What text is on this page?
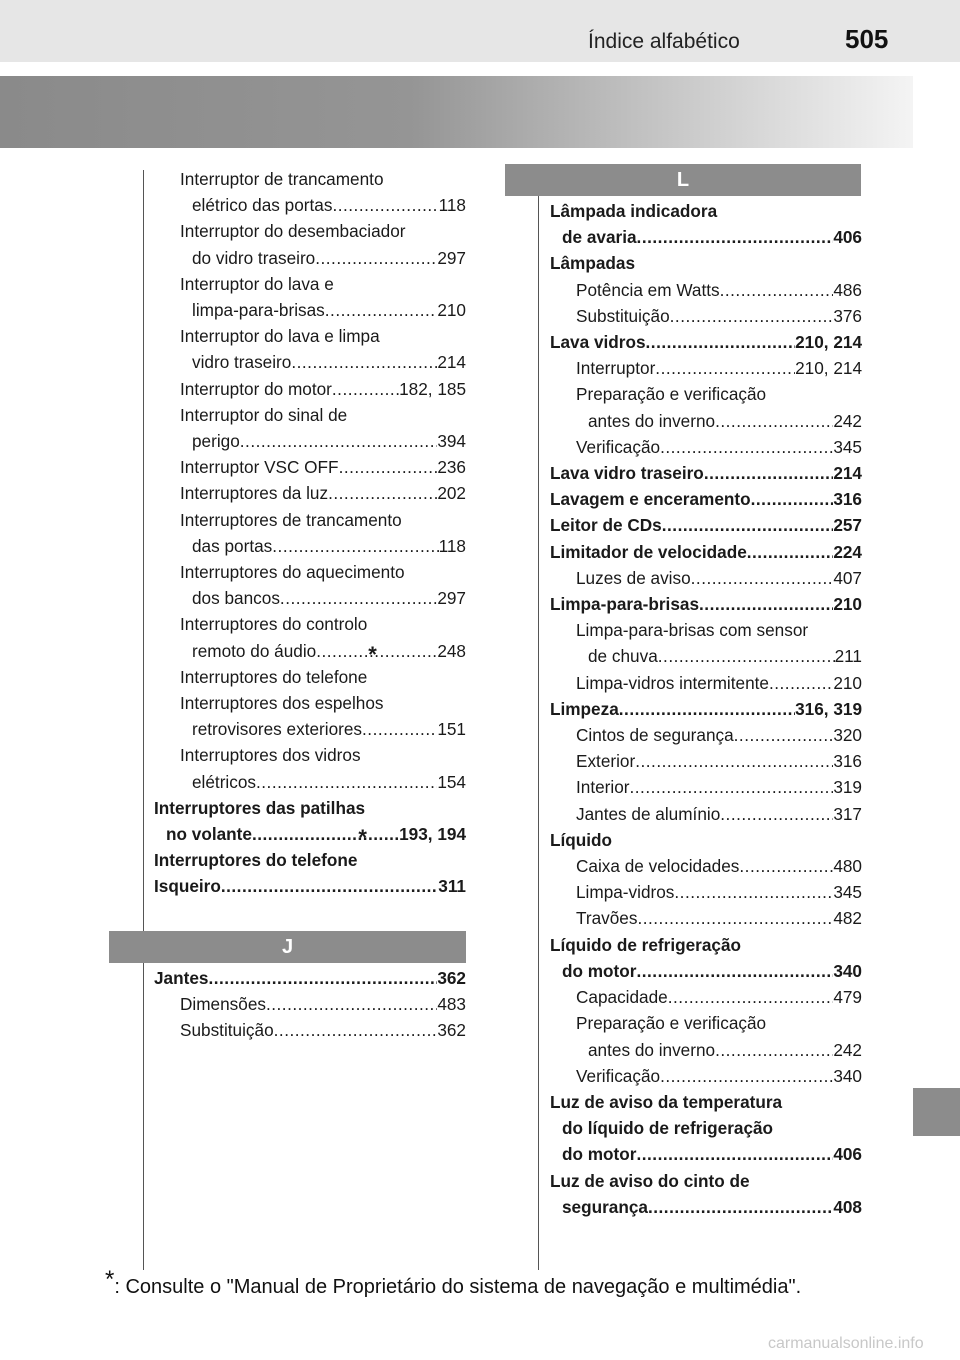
Índice alfabético	505
L
J
Interruptor de trancamento
elétrico das portas .....	118
Interruptor do desembaciador
do vidro traseiro .....	297
Interruptor do lava e
limpa-para-brisas .....	210
Interruptor do lava e limpa
vidro traseiro .....	214
Interruptor do motor .....	182, 185
Interruptor do sinal de
perigo .....	394
Interruptor VSC OFF .....	236
Interruptores da luz .....	202
Interruptores de trancamento
das portas .....	118
Interruptores do aquecimento
dos bancos .....	297
Interruptores do controlo
remoto do áudio .....	248
Interruptores do telefone
*
Interruptores dos espelhos
retrovisores exteriores .....	151
Interruptores dos vidros
elétricos .....	154
Interruptores das patilhas
no volante .....	193, 194
Interruptores do telefone
*
Isqueiro .....	311
Jantes .....	362
Dimensões .....	483
Substituição .....	362
Lâmpada indicadora
de avaria .....	406
Lâmpadas
Potência em Watts .....	486
Substituição .....	376
Lava vidros .....	210, 214
Interruptor .....	210, 214
Preparação e verificação
antes do inverno .....	242
Verificação .....	345
Lava vidro traseiro .....	214
Lavagem e enceramento .....	316
Leitor de CDs .....	257
Limitador de velocidade .....	224
Luzes de aviso .....	407
Limpa-para-brisas .....	210
Limpa-para-brisas com sensor
de chuva .....	211
Limpa-vidros intermitente .....	210
Limpeza .....	316, 319
Cintos de segurança .....	320
Exterior .....	316
Interior .....	319
Jantes de alumínio .....	317
Líquido
Caixa de velocidades .....	480
Limpa-vidros .....	345
Travões .....	482
Líquido de refrigeração
do motor .....	340
Capacidade .....	479
Preparação e verificação
antes do inverno .....	242
Verificação .....	340
Luz de aviso da temperatura
do líquido de refrigeração
do motor .....	406
Luz de aviso do cinto de
segurança .....	408
*: Consulte o "Manual de Proprietário do sistema de navegação e multimédia".
carmanualsonline.info
